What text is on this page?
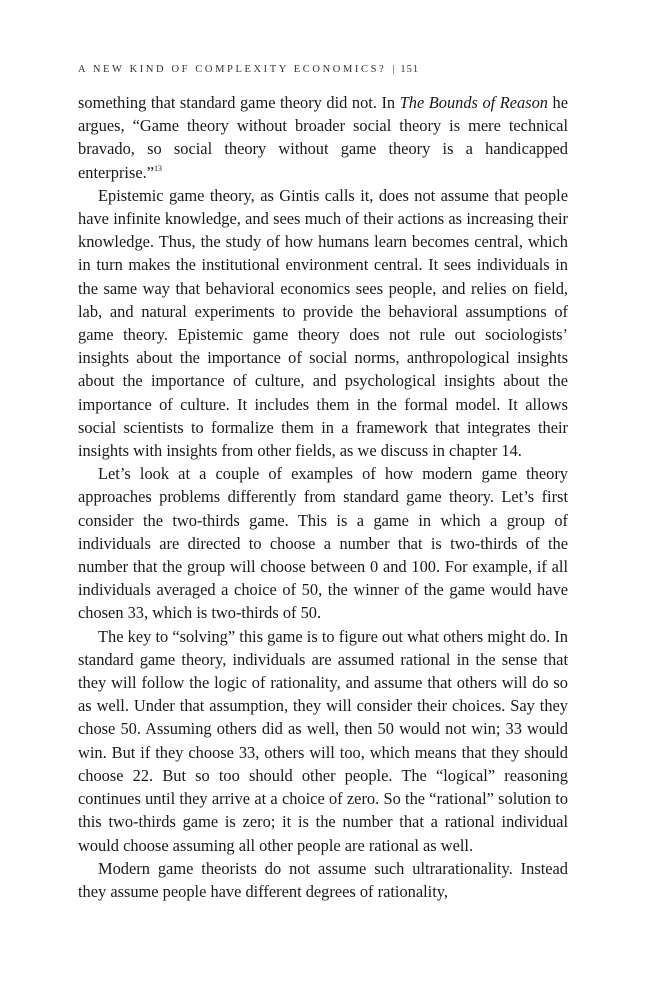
A NEW KIND OF COMPLEXITY ECONOMICS? | 151

something that standard game theory did not. In The Bounds of Reason he argues, “Game theory without broader social theory is mere technical bravado, so social theory without game theory is a handicapped enterprise.”$^{13}$

Epistemic game theory, as Gintis calls it, does not assume that people have infinite knowledge, and sees much of their actions as increasing their knowledge. Thus, the study of how humans learn becomes central, which in turn makes the institutional environment central. It sees individuals in the same way that behavioral economics sees people, and relies on field, lab, and natural experiments to provide the behavioral assumptions of game theory. Epistemic game theory does not rule out sociologists’ insights about the importance of social norms, anthropological insights about the importance of culture, and psychological insights about the importance of culture. It includes them in the formal model. It allows social scientists to formalize them in a framework that integrates their insights with insights from other fields, as we discuss in chapter 14.

Let’s look at a couple of examples of how modern game theory approaches problems differently from standard game theory. Let’s first consider the two-thirds game. This is a game in which a group of individuals are directed to choose a number that is two-thirds of the number that the group will choose between 0 and 100. For example, if all individuals averaged a choice of 50, the winner of the game would have chosen 33, which is two-thirds of 50.

The key to “solving” this game is to figure out what others might do. In standard game theory, individuals are assumed rational in the sense that they will follow the logic of rationality, and assume that others will do so as well. Under that assumption, they will consider their choices. Say they chose 50. Assuming others did as well, then 50 would not win; 33 would win. But if they choose 33, others will too, which means that they should choose 22. But so too should other people. The “logical” reasoning continues until they arrive at a choice of zero. So the “rational” solution to this two-thirds game is zero; it is the number that a rational individual would choose assuming all other people are rational as well.

Modern game theorists do not assume such ultrarationality. Instead they assume people have different degrees of rationality,
